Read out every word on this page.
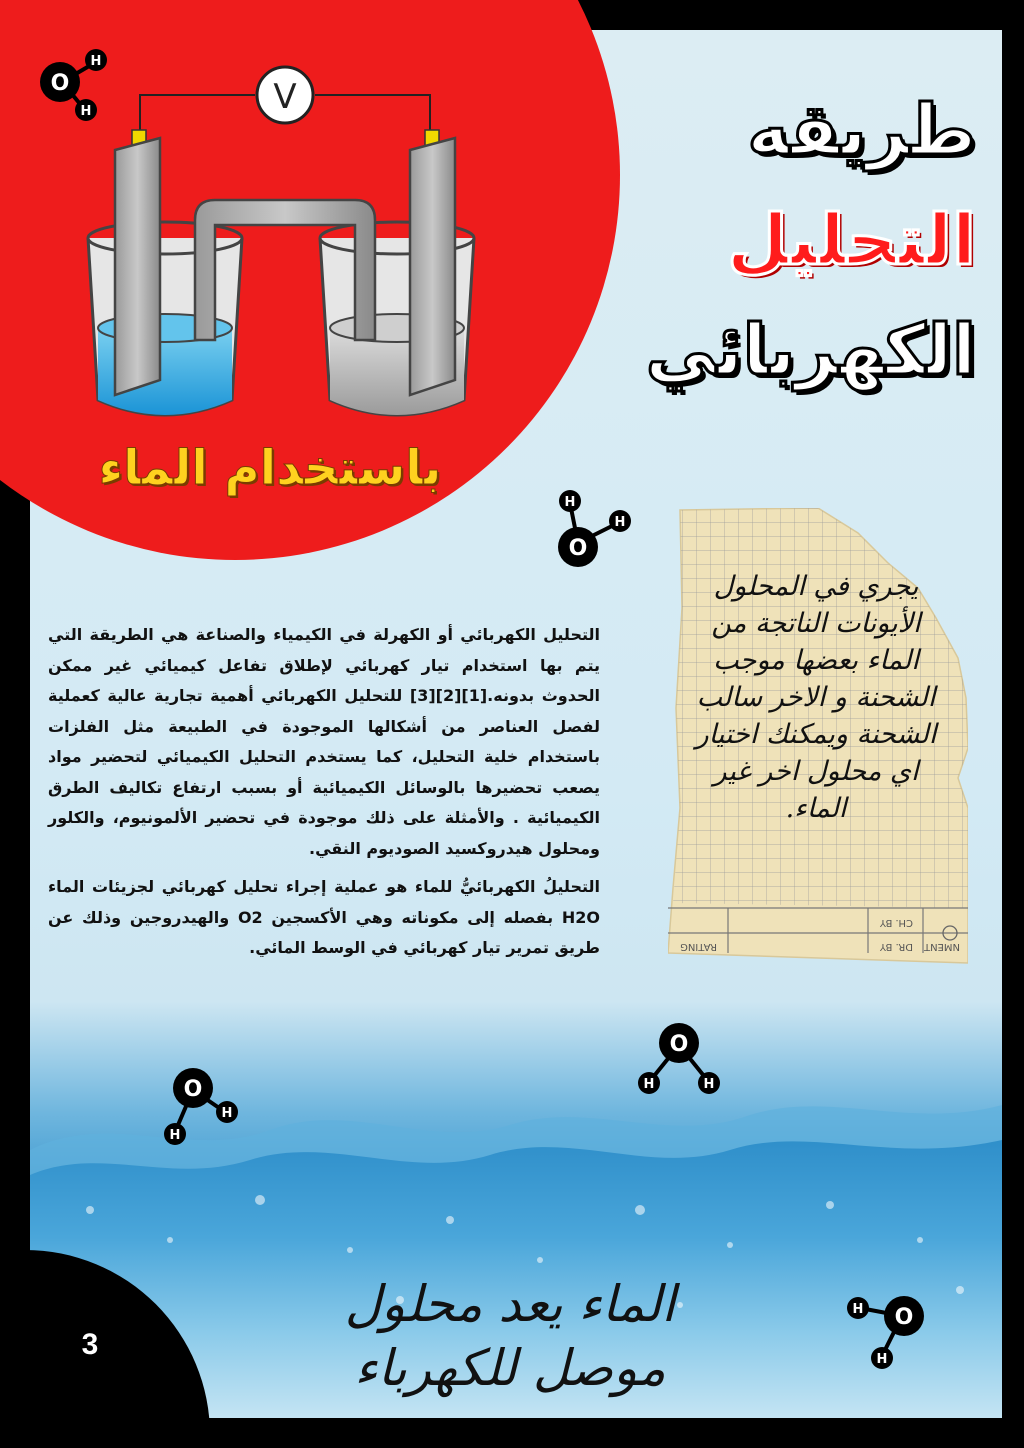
V
باستخدام الماء
طريقه
التحليل
الكهربائي

التحليل الكهربائي أو الكهرلة في الكيمياء والصناعة هي الطريقة التي يتم بها استخدام تيار كهربائي لإطلاق تفاعل كيميائي غير ممكن الحدوث بدونه.[1][2][3] للتحليل الكهربائي أهمية تجارية عالية كعملية لفصل العناصر من أشكالها الموجودة في الطبيعة مثل الفلزات باستخدام خلية التحليل، كما يستخدم التحليل الكيميائي لتحضير مواد يصعب تحضيرها بالوسائل الكيميائية أو بسبب ارتفاع تكاليف الطرق الكيميائية . والأمثلة على ذلك موجودة في تحضير الألمونيوم، والكلور ومحلول هيدروكسيد الصوديوم النقي.

التحليلُ الكهربائيُّ للماء هو عملية إجراء تحليل كهربائي لجزيئات الماء H2O بفصله إلى مكوناته وهي الأكسجين O2 والهيدروجين وذلك عن طريق تمرير تيار كهربائي في الوسط المائي.

CH. BY
DR. BY
RATING	NMENT
يجري في المحلول الأيونات الناتجة من الماء بعضها موجب الشحنة و الاخر سالب الشحنة ويمكنك اختيار اي محلول اخر غير الماء.
O
H
H
O
H
H
O
H	H
O
H
H
O
H
H
الماء يعد محلول
موصل للكهرباء
3
